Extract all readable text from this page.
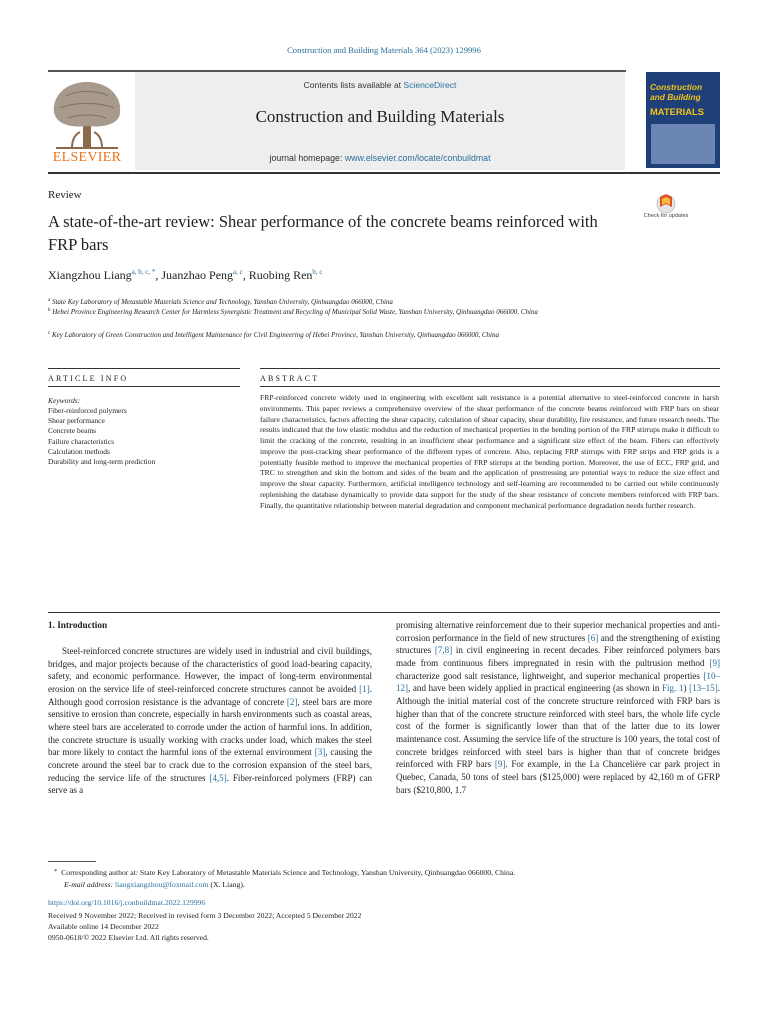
Construction and Building Materials 364 (2023) 129996
ELSEVIER
Contents lists available at ScienceDirect
Construction and Building Materials
journal homepage: www.elsevier.com/locate/conbuildmat
Construction and Building
MATERIALS
Review
A state-of-the-art review: Shear performance of the concrete beams reinforced with FRP bars
Check for updates
Xiangzhou Liang$^{a, b, c, *}$, Juanzhao Peng$^{a, c}$, Ruobing Ren$^{b, c}$
$^a$ State Key Laboratory of Metastable Materials Science and Technology, Yanshan University, Qinhuangdao 066000, China
$^b$ Hebei Province Engineering Research Center for Harmless Synergistic Treatment and Recycling of Municipal Solid Waste, Yanshan University, Qinhuangdao 066000, China
$^c$ Key Laboratory of Green Construction and Intelligent Maintenance for Civil Engineering of Hebei Province, Yanshan University, Qinhuangdao 066000, China
ARTICLE INFO	ABSTRACT
Keywords:
Fiber-reinforced polymers
Shear performance
Concrete beams
Failure characteristics
Calculation methods
Durability and long-term prediction
FRP-reinforced concrete widely used in engineering with excellent salt resistance is a potential alternative to steel-reinforced concrete in harsh environments. This paper reviews a comprehensive overview of the shear performance of the concrete beams reinforced with FRP bars on shear failure characteristics, factors affecting the shear capacity, calculation of shear capacity, shear durability, fire resistance, and future research needs. The results indicated that the low elastic modulus and the reduction of mechanical properties in the bending portion of the FRP stirrups make it difficult to limit the cracking of the concrete, resulting in an insufficient shear performance and a significant size effect of the beam. Fibers can effectively improve the post-cracking shear performance of the different types of concrete. Also, replacing FRP stirrups with FRP strips and FRP grids is a potentially feasible method to improve the mechanical properties of FRP stirrups at the bending portion. Moreover, the use of ECC, FRP grid, and TRC to strengthen and skin the bottom and sides of the beam and the application of prestressing are potential ways to reduce the size effect and improve the shear capacity. Furthermore, artificial intelligence technology and self-learning are recommended to be carried out while continuously replenishing the database dynamically to provide data support for the study of the shear resistance of concrete members reinforced with FRP bars. Finally, the quantitative relationship between material degradation and component mechanical performance degradation needs further research.
1. Introduction
Steel-reinforced concrete structures are widely used in industrial and civil buildings, bridges, and major projects because of the characteristics of good load-bearing capacity, safety, and economic performance. However, the impact of long-term environmental erosion on the service life of steel-reinforced concrete structures cannot be avoided [1]. Although good corrosion resistance is the advantage of concrete [2], steel bars are more sensitive to erosion than concrete, especially in harsh environments such as coastal areas, where steel bars are accelerated to corrode under the action of harmful ions. In addition, the concrete structure is usually working with cracks under load, which makes the steel bar more likely to contact the harmful ions of the external environment [3], causing the concrete around the steel bar to crack due to the corrosion expansion of the steel bars, reducing the service life of the structures [4,5]. Fiber-reinforced polymers (FRP) can serve as a
promising alternative reinforcement due to their superior mechanical properties and anti-corrosion performance in the field of new structures [6] and the strengthening of existing structures [7,8] in civil engineering in recent decades. Fiber reinforced polymers bars made from continuous fibers impregnated in resin with the pultrusion method [9] characterize good salt resistance, lightweight, and superior mechanical properties [10–12], and have been widely applied in practical engineering (as shown in Fig. 1) [13–15]. Although the initial material cost of the concrete structure reinforced with FRP bars is higher than that of the concrete structure reinforced with steel bars, the whole life cycle cost of the former is significantly lower than that of the latter due to its lower maintenance cost. Assuming the service life of the structure is 100 years, the total cost of concrete bridges reinforced with steel bars is higher than that of concrete bridges reinforced with FRP bars [9]. For example, in the La Chancelière car park project in Quebec, Canada, 50 tons of steel bars ($125,000) were replaced by 42,160 m of GFRP bars ($210,800, 1.7
* Corresponding author at: State Key Laboratory of Metastable Materials Science and Technology, Yanshan University, Qinhuangdao 066000, China.
E-mail address: liangxiangzhou@foxmail.com (X. Liang).
https://doi.org/10.1016/j.conbuildmat.2022.129996
Received 9 November 2022; Received in revised form 3 December 2022; Accepted 5 December 2022
Available online 14 December 2022
0950-0618/© 2022 Elsevier Ltd. All rights reserved.
